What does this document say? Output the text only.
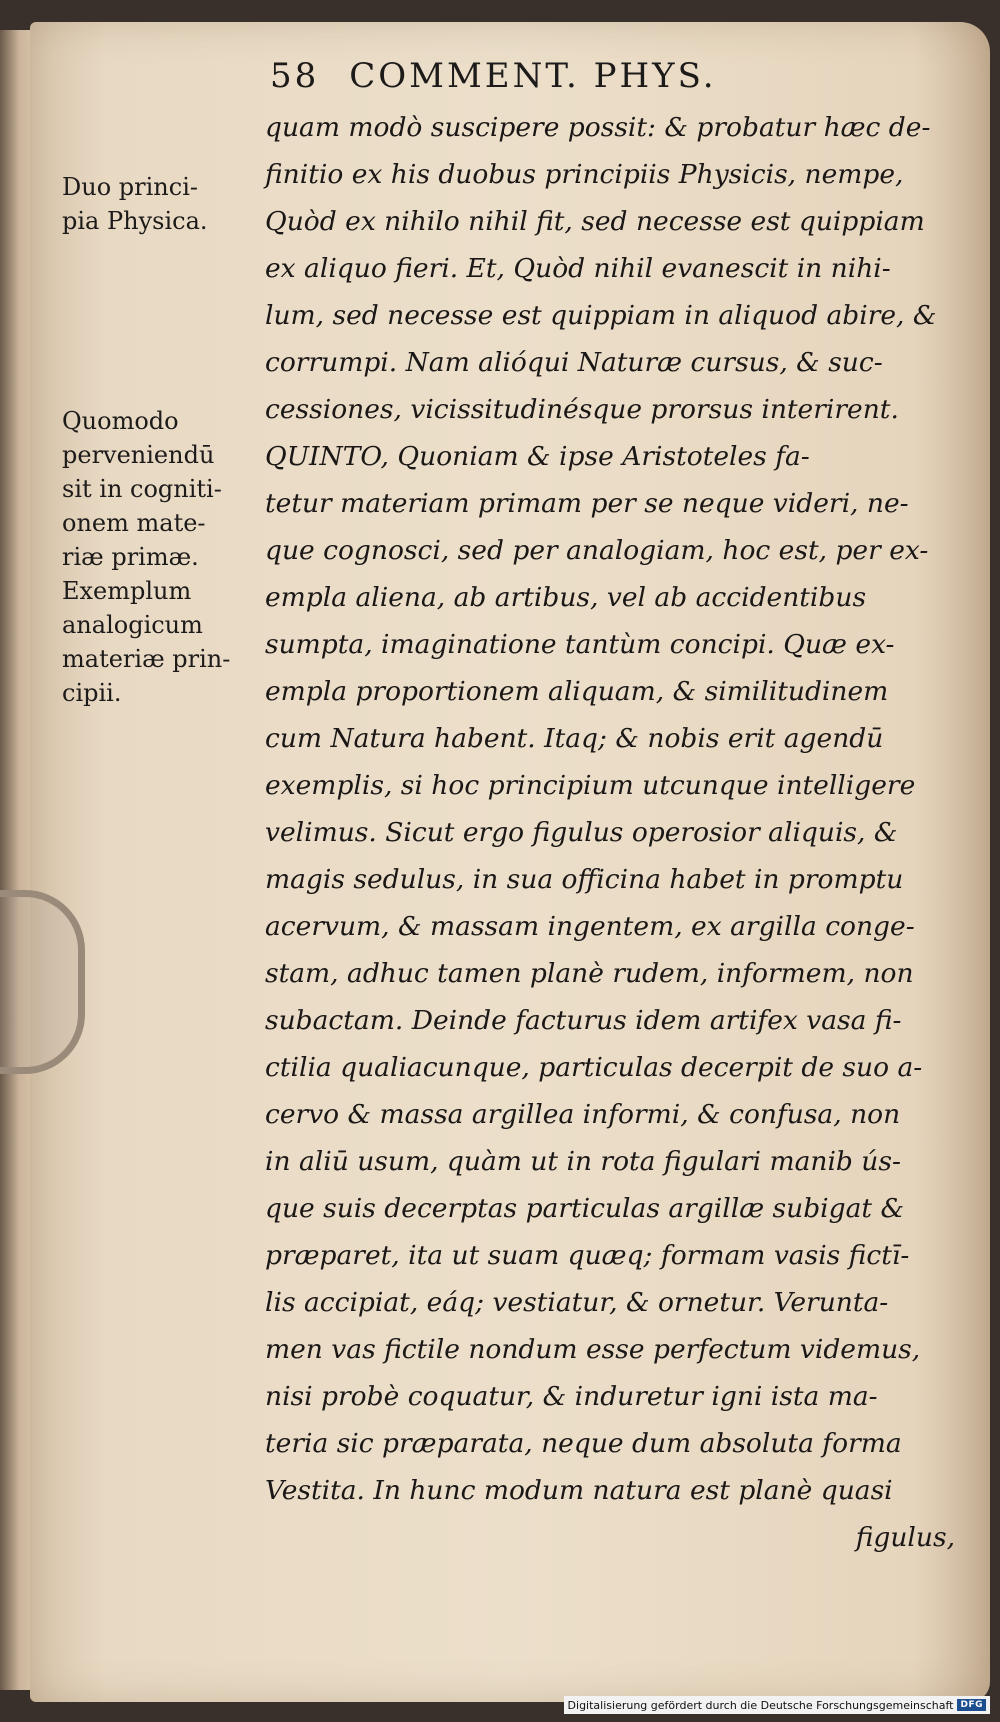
58 COMMENT. PHYS.
Duo princi-
pia Physica.
Quomodo
perveniendū
sit in cogniti-
onem mate-
riæ primæ.
Exemplum
analogicum
materiæ prin-
cipii.
quam modò suscipere possit: & probatur hæc de-
finitio ex his duobus principiis Physicis, nempe,
Quòd ex nihilo nihil fit, sed necesse est quippiam
ex aliquo fieri. Et, Quòd nihil evanescit in nihi-
lum, sed necesse est quippiam in aliquod abire, &
corrumpi. Nam alióqui Naturæ cursus, & suc-
cessiones, vicissitudinésque prorsus interirent.
QUINTO, Quoniam & ipse Aristoteles fa-
tetur materiam primam per se neque videri, ne-
que cognosci, sed per analogiam, hoc est, per ex-
empla aliena, ab artibus, vel ab accidentibus
sumpta, imaginatione tantùm concipi. Quæ ex-
empla proportionem aliquam, & similitudinem
cum Natura habent. Itaq; & nobis erit agendū
exemplis, si hoc principium utcunque intelligere
velimus. Sicut ergo figulus operosior aliquis, &
magis sedulus, in sua officina habet in promptu
acervum, & massam ingentem, ex argilla conge-
stam, adhuc tamen planè rudem, informem, non
subactam. Deinde facturus idem artifex vasa fi-
ctilia qualiacunque, particulas decerpit de suo a-
cervo & massa argillea informi, & confusa, non
in aliū usum, quàm ut in rota figulari manib ús-
que suis decerptas particulas argillæ subigat &
præparet, ita ut suam quæq; formam vasis fictī-
lis accipiat, eáq; vestiatur, & ornetur. Verunta-
men vas fictile nondum esse perfectum videmus,
nisi probè coquatur, & induretur igni ista ma-
teria sic præparata, neque dum absoluta forma
Vestita. In hunc modum natura est planè quasi
figulus,
Digitalisierung gefördert durch die Deutsche Forschungsgemeinschaft DFG
